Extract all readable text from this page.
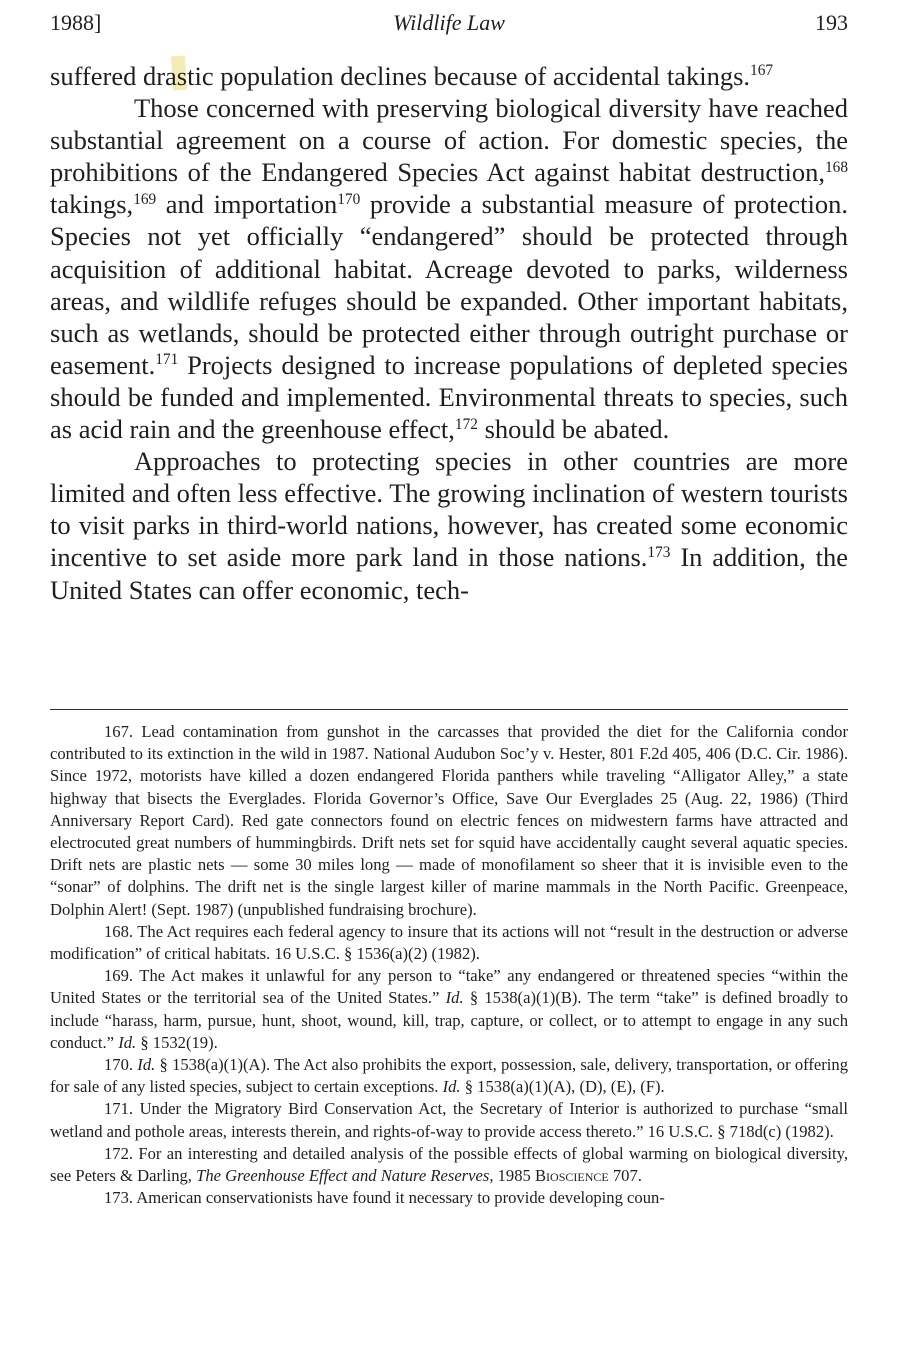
1988]	Wildlife Law	193

suffered drastic population declines because of accidental takings.$^{167}$

Those concerned with preserving biological diversity have reached substantial agreement on a course of action. For domestic species, the prohibitions of the Endangered Species Act against habitat destruction,$^{168}$ takings,$^{169}$ and importation$^{170}$ provide a substantial measure of protection. Species not yet officially “endangered” should be protected through acquisition of additional habitat. Acreage devoted to parks, wilderness areas, and wildlife refuges should be expanded. Other important habitats, such as wetlands, should be protected either through outright purchase or easement.$^{171}$ Projects designed to increase populations of depleted species should be funded and implemented. Environmental threats to species, such as acid rain and the greenhouse effect,$^{172}$ should be abated.

Approaches to protecting species in other countries are more limited and often less effective. The growing inclination of western tourists to visit parks in third-world nations, however, has created some economic incentive to set aside more park land in those nations.$^{173}$ In addition, the United States can offer economic, tech-

167. Lead contamination from gunshot in the carcasses that provided the diet for the California condor contributed to its extinction in the wild in 1987. National Audubon Soc’y v. Hester, 801 F.2d 405, 406 (D.C. Cir. 1986). Since 1972, motorists have killed a dozen endangered Florida panthers while traveling “Alligator Alley,” a state highway that bisects the Everglades. Florida Governor’s Office, Save Our Everglades 25 (Aug. 22, 1986) (Third Anniversary Report Card). Red gate connectors found on electric fences on midwestern farms have attracted and electrocuted great numbers of hummingbirds. Drift nets set for squid have accidentally caught several aquatic species. Drift nets are plastic nets — some 30 miles long — made of monofilament so sheer that it is invisible even to the “sonar” of dolphins. The drift net is the single largest killer of marine mammals in the North Pacific. Greenpeace, Dolphin Alert! (Sept. 1987) (unpublished fundraising brochure).

168. The Act requires each federal agency to insure that its actions will not “result in the destruction or adverse modification” of critical habitats. 16 U.S.C. § 1536(a)(2) (1982).

169. The Act makes it unlawful for any person to “take” any endangered or threatened species “within the United States or the territorial sea of the United States.” Id. § 1538(a)(1)(B). The term “take” is defined broadly to include “harass, harm, pursue, hunt, shoot, wound, kill, trap, capture, or collect, or to attempt to engage in any such conduct.” Id. § 1532(19).

170. Id. § 1538(a)(1)(A). The Act also prohibits the export, possession, sale, delivery, transportation, or offering for sale of any listed species, subject to certain exceptions. Id. § 1538(a)(1)(A), (D), (E), (F).

171. Under the Migratory Bird Conservation Act, the Secretary of Interior is authorized to purchase “small wetland and pothole areas, interests therein, and rights-of-way to provide access thereto.” 16 U.S.C. § 718d(c) (1982).

172. For an interesting and detailed analysis of the possible effects of global warming on biological diversity, see Peters & Darling, The Greenhouse Effect and Nature Reserves, 1985 Bioscience 707.

173. American conservationists have found it necessary to provide developing coun-
